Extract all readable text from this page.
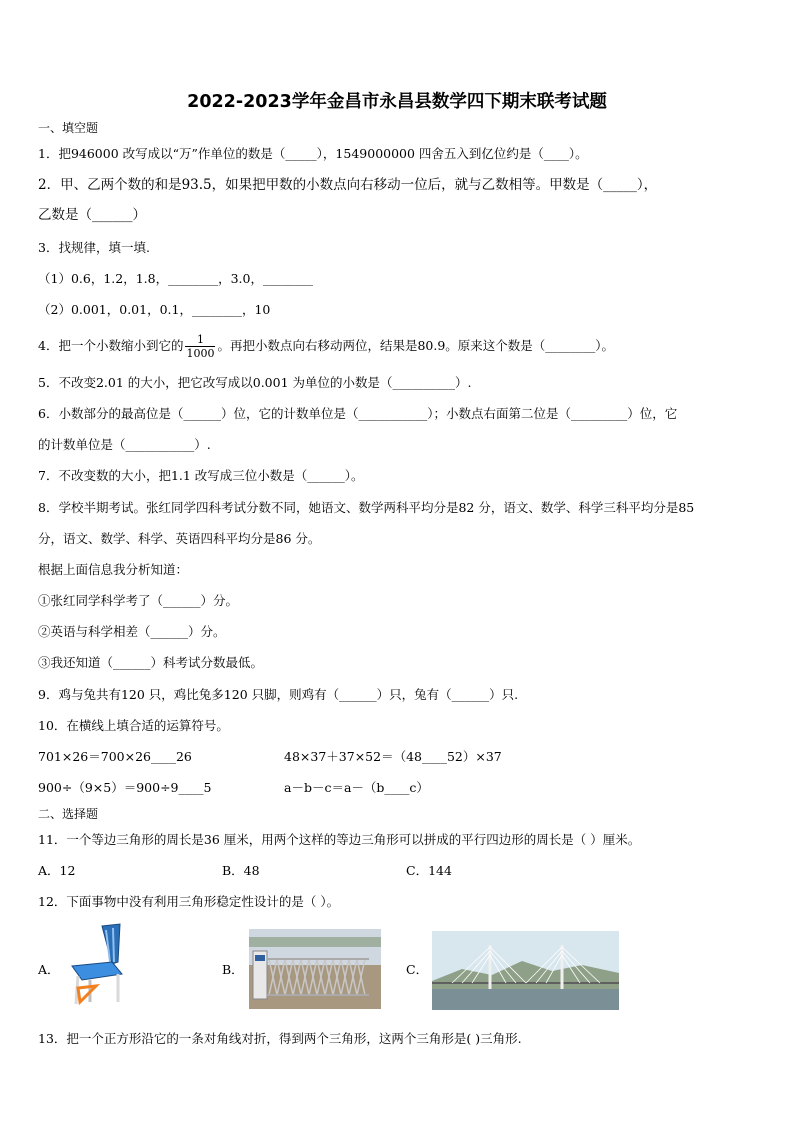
2022-2023学年金昌市永昌县数学四下期末联考试题
一、填空题
1．把946000 改写成以“万”作单位的数是（_____），1549000000 四舍五入到亿位约是（____）。
2．甲、乙两个数的和是93.5，如果把甲数的小数点向右移动一位后，就与乙数相等。甲数是（_____），
乙数是（______）
3．找规律，填一填.
（1）0.6，1.2，1.8，________，3.0，________
（2）0.001，0.01，0.1，________，10
4．把一个小数缩小到它的 $\frac{1}{1000}$ 。再把小数点向右移动两位，结果是80.9。原来这个数是（________）。
5．不改变2.01 的大小，把它改写成以0.001 为单位的小数是（__________）.
6．小数部分的最高位是（______）位，它的计数单位是（___________）；小数点右面第二位是（_________）位，它
的计数单位是（___________）.
7．不改变数的大小，把1.1 改写成三位小数是（______）。
8．学校半期考试。张红同学四科考试分数不同，她语文、数学两科平均分是82 分，语文、数学、科学三科平均分是85
分，语文、数学、科学、英语四科平均分是86 分。
根据上面信息我分析知道：
①张红同学科学考了（______）分。
②英语与科学相差（______）分。
③我还知道（______）科考试分数最低。
9．鸡与兔共有120 只，鸡比兔多120 只脚，则鸡有（______）只，兔有（______）只.
10．在横线上填合适的运算符号。
701×26＝700×26____26	48×37＋37×52＝（48____52）×37
900÷（9×5）＝900÷9____5	a－b－c＝a－（b____c）
二、选择题
11．一个等边三角形的周长是36 厘米，用两个这样的等边三角形可以拼成的平行四边形的周长是（ ）厘米。
A．12	B．48	C．144
12．下面事物中没有利用三角形稳定性设计的是（ ）。
A．	B．	C．
13．把一个正方形沿它的一条对角线对折，得到两个三角形，这两个三角形是( )三角形.
